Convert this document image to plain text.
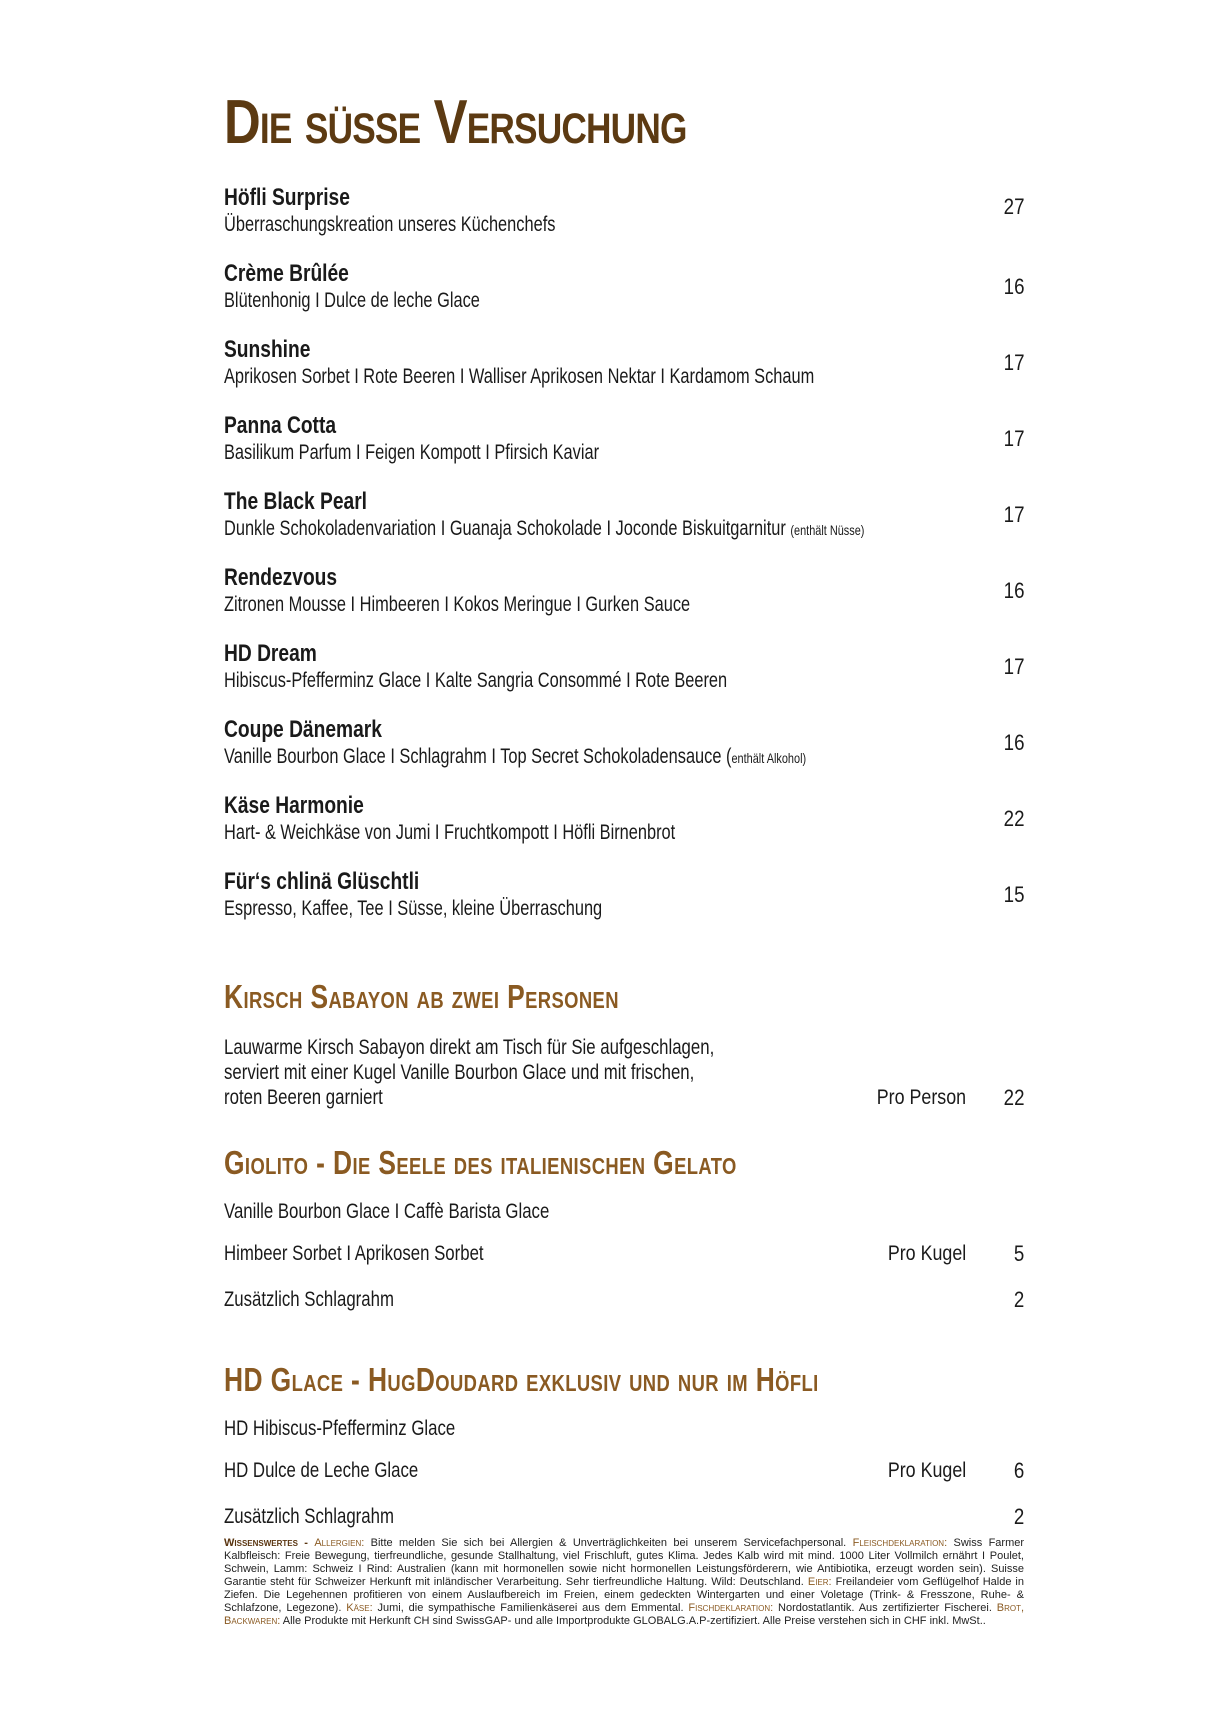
Die süsse Versuchung
Höfli Surprise
Überraschungskreation unseres Küchenchefs
27
Crème Brûlée
Blütenhonig I Dulce de leche Glace
16
Sunshine
Aprikosen Sorbet I Rote Beeren I Walliser Aprikosen Nektar I Kardamom Schaum
17
Panna Cotta
Basilikum Parfum I Feigen Kompott I Pfirsich Kaviar
17
The Black Pearl
Dunkle Schokoladenvariation I Guanaja Schokolade I Joconde Biskuitgarnitur (enthält Nüsse)
17
Rendezvous
Zitronen Mousse I Himbeeren I Kokos Meringue I Gurken Sauce
16
HD Dream
Hibiscus-Pfefferminz Glace I Kalte Sangria Consommé I Rote Beeren
17
Coupe Dänemark
Vanille Bourbon Glace I Schlagrahm I Top Secret Schokoladensauce (enthält Alkohol)
16
Käse Harmonie
Hart- & Weichkäse von Jumi I Fruchtkompott I Höfli Birnenbrot
22
Für‘s chlinä Glüschtli
Espresso, Kaffee, Tee I Süsse, kleine Überraschung
15
Kirsch Sabayon ab zwei Personen
Lauwarme Kirsch Sabayon direkt am Tisch für Sie aufgeschlagen,
serviert mit einer Kugel Vanille Bourbon Glace und mit frischen,
roten Beeren garniert	Pro Person 22
Giolito - Die Seele des italienischen Gelato
Vanille Bourbon Glace I Caffè Barista Glace
Himbeer Sorbet I Aprikosen Sorbet	Pro Kugel 5
Zusätzlich Schlagrahm	2
HD Glace - HugDoudard exklusiv und nur im Höfli
HD Hibiscus-Pfefferminz Glace
HD Dulce de Leche Glace	Pro Kugel 6
Zusätzlich Schlagrahm	2
Wissenswertes - Allergien: Bitte melden Sie sich bei Allergien & Unverträglichkeiten bei unserem Servicefachpersonal. Fleischdeklaration: Swiss Farmer Kalbfleisch: Freie Bewegung, tierfreundliche, gesunde Stallhaltung, viel Frischluft, gutes Klima. Jedes Kalb wird mit mind. 1000 Liter Vollmilch ernährt I Poulet, Schwein, Lamm: Schweiz I Rind: Australien (kann mit hormonellen sowie nicht hormonellen Leistungsförderern, wie Antibiotika, erzeugt worden sein). Suisse Garantie steht für Schweizer Herkunft mit inländischer Verarbeitung. Sehr tierfreundliche Haltung. Wild: Deutschland. Eier: Freilandeier vom Geflügelhof Halde in Ziefen. Die Legehennen profitieren von einem Auslaufbereich im Freien, einem gedeckten Wintergarten und einer Voletage (Trink- & Fresszone, Ruhe- & Schlafzone, Legezone). Käse: Jumi, die sympathische Familienkäserei aus dem Emmental. Fischdeklaration: Nordostatlantik. Aus zertifizierter Fischerei. Brot, Backwaren: Alle Produkte mit Herkunft CH sind SwissGAP- und alle Importprodukte GLOBALG.A.P-zertifiziert. Alle Preise verstehen sich in CHF inkl. MwSt..
